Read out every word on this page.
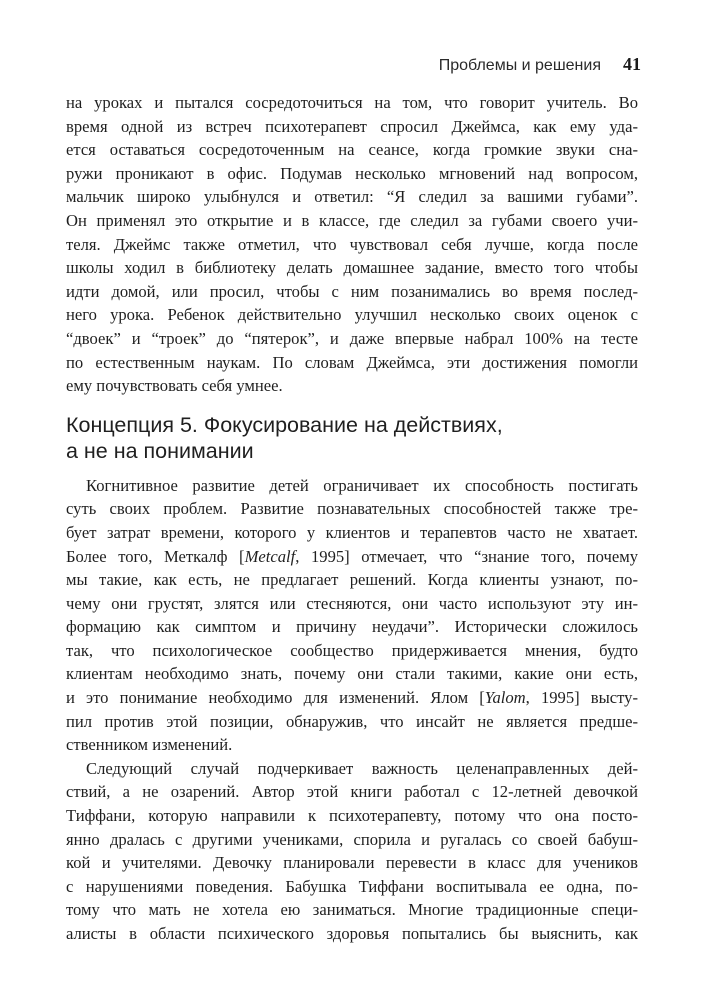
Проблемы и решения 41

на уроках и пытался сосредоточиться на том, что говорит учитель. Во
время одной из встреч психотерапевт спросил Джеймса, как ему уда-
ется оставаться сосредоточенным на сеансе, когда громкие звуки сна-
ружи проникают в офис. Подумав несколько мгновений над вопросом,
мальчик широко улыбнулся и ответил: “Я следил за вашими губами”.
Он применял это открытие и в классе, где следил за губами своего учи-
теля. Джеймс также отметил, что чувствовал себя лучше, когда после
школы ходил в библиотеку делать домашнее задание, вместо того чтобы
идти домой, или просил, чтобы с ним позанимались во время послед-
него урока. Ребенок действительно улучшил несколько своих оценок с
“двоек” и “троек” до “пятерок”, и даже впервые набрал 100% на тесте
по естественным наукам. По словам Джеймса, эти достижения помогли
ему почувствовать себя умнее.

Концепция 5. Фокусирование на действиях,
а не на понимании

Когнитивное развитие детей ограничивает их способность постигать
суть своих проблем. Развитие познавательных способностей также тре-
бует затрат времени, которого у клиентов и терапевтов часто не хватает.
Более того, Меткалф [Metcalf, 1995] отмечает, что “знание того, почему
мы такие, как есть, не предлагает решений. Когда клиенты узнают, по-
чему они грустят, злятся или стесняются, они часто используют эту ин-
формацию как симптом и причину неудачи”. Исторически сложилось
так, что психологическое сообщество придерживается мнения, будто
клиентам необходимо знать, почему они стали такими, какие они есть,
и это понимание необходимо для изменений. Ялом [Yalom, 1995] высту-
пил против этой позиции, обнаружив, что инсайт не является предше-
ственником изменений.

Следующий случай подчеркивает важность целенаправленных дей-
ствий, а не озарений. Автор этой книги работал с 12-летней девочкой
Тиффани, которую направили к психотерапевту, потому что она посто-
янно дралась с другими учениками, спорила и ругалась со своей бабуш-
кой и учителями. Девочку планировали перевести в класс для учеников
с нарушениями поведения. Бабушка Тиффани воспитывала ее одна, по-
тому что мать не хотела ею заниматься. Многие традиционные специ-
алисты в области психического здоровья попытались бы выяснить, как
